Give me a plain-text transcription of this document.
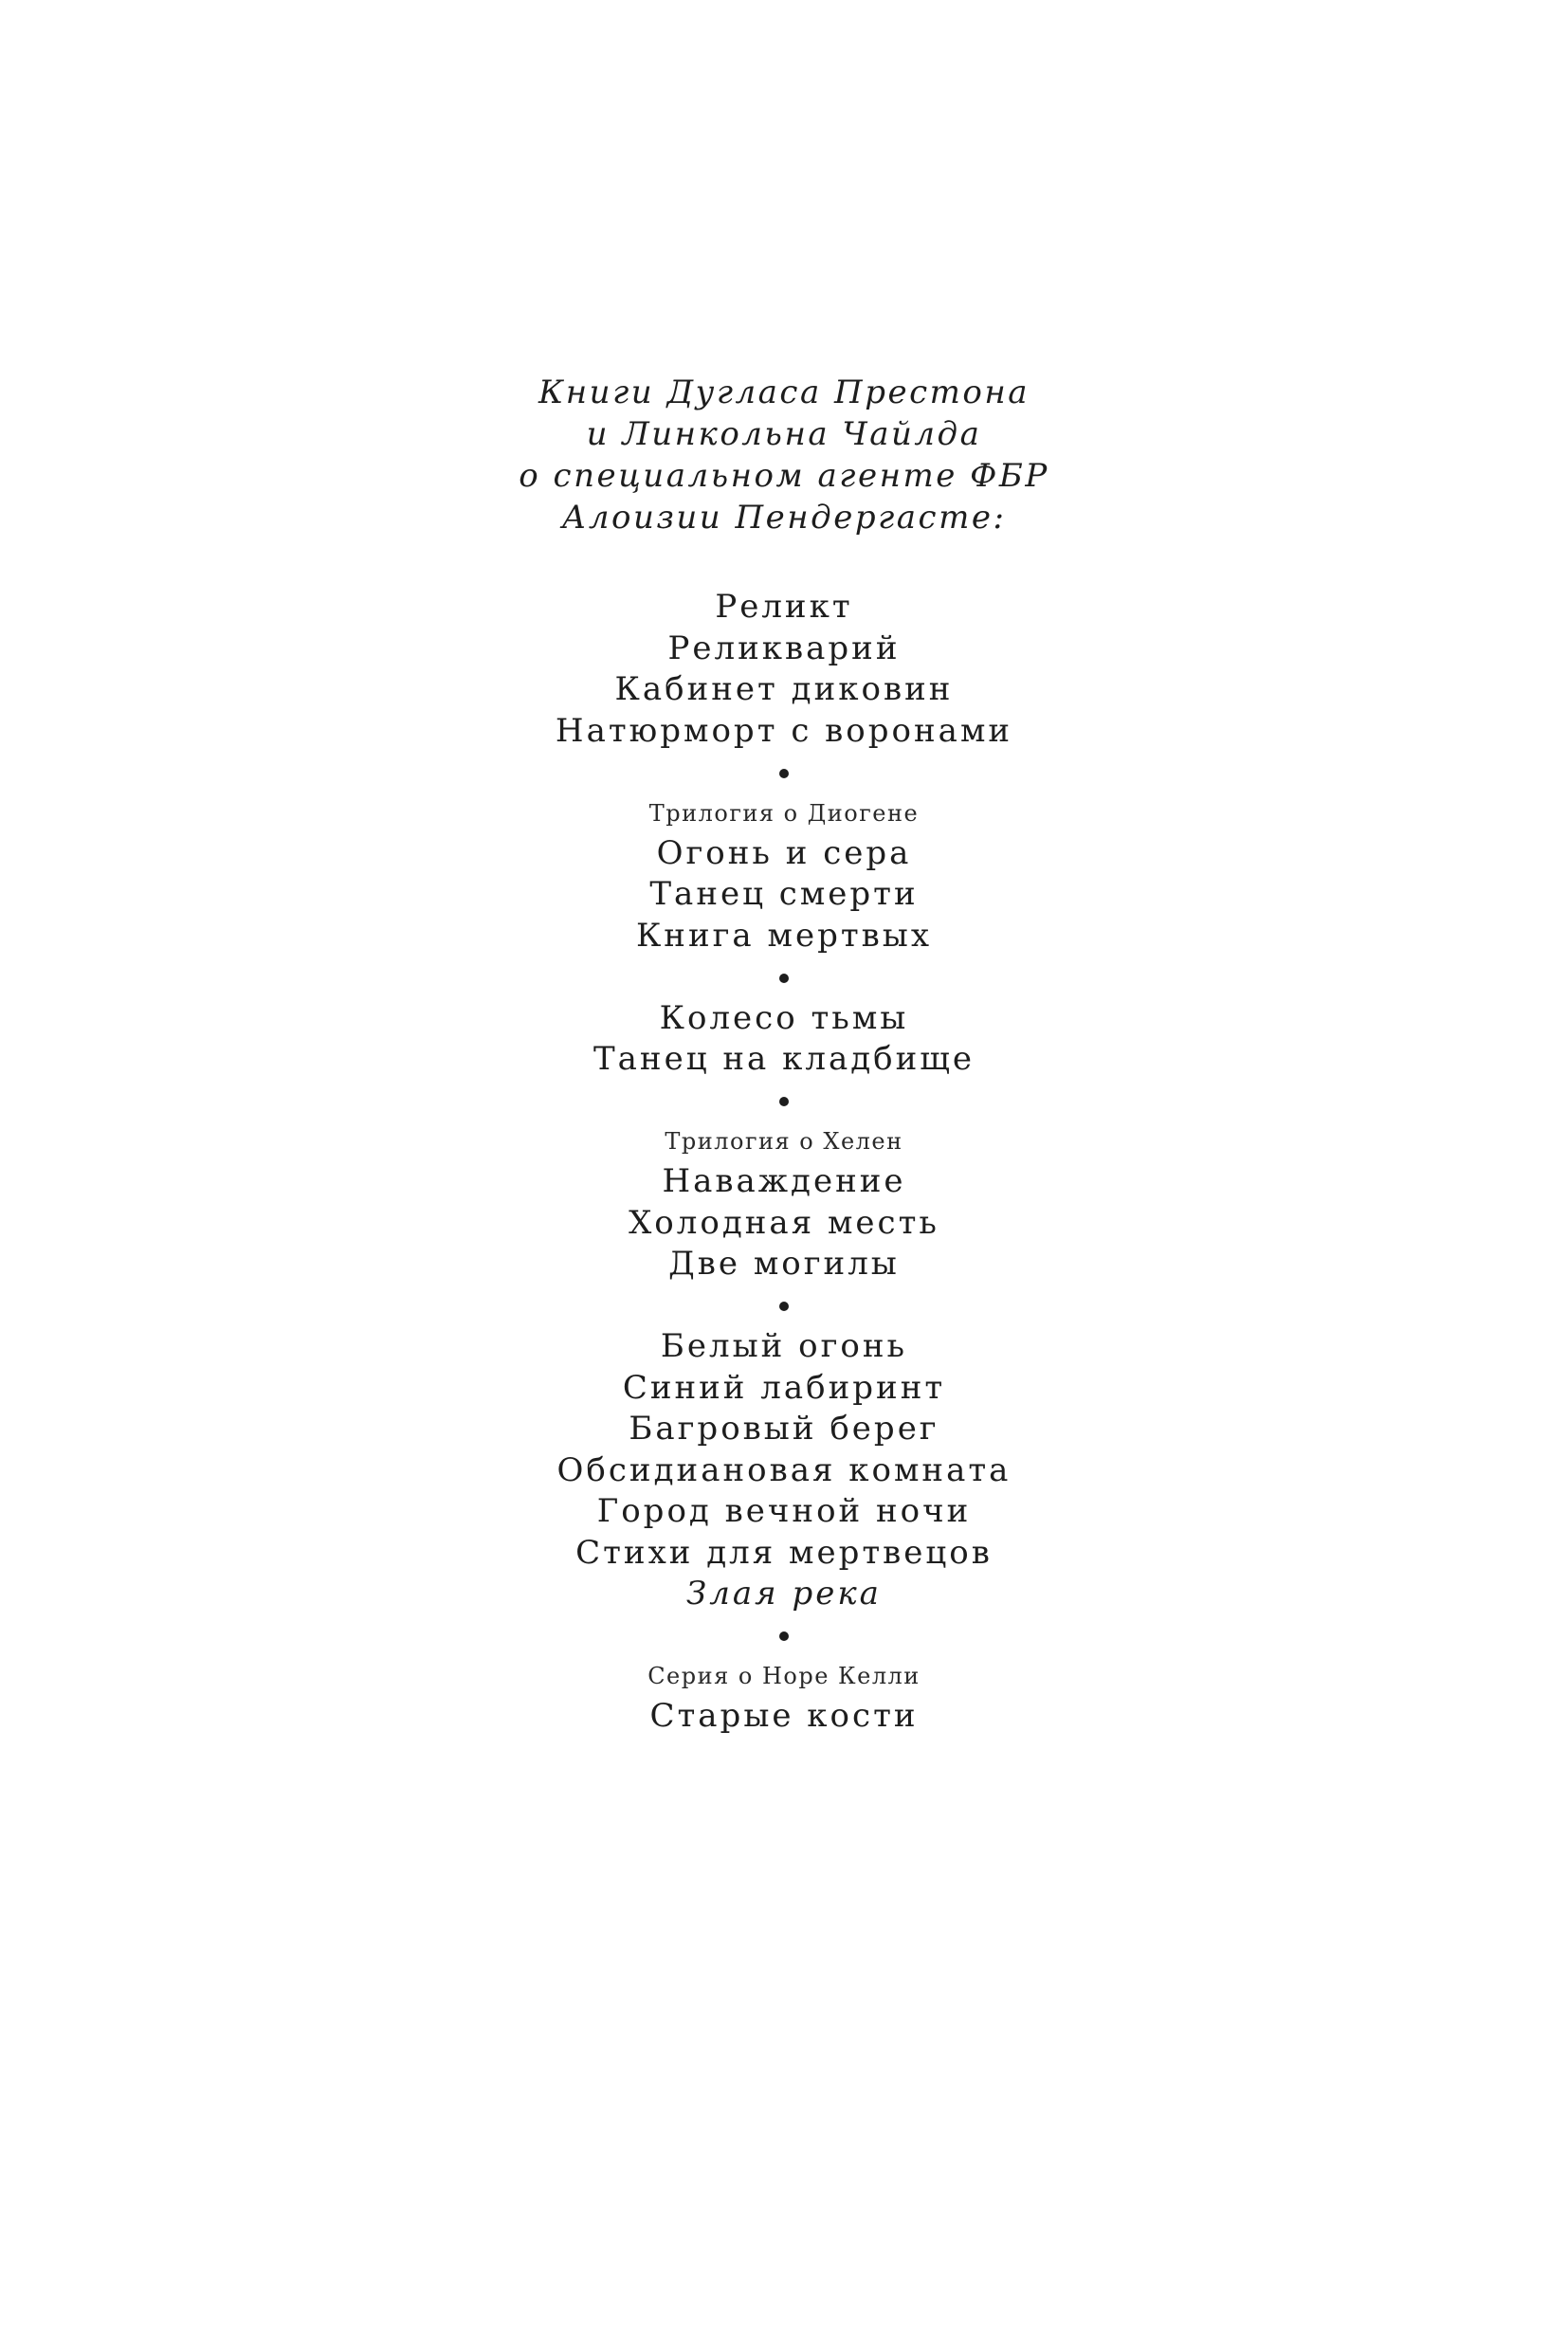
Книги Дугласа Престона
и Линкольна Чайлда
о специальном агенте ФБР
Алоизии Пендергасте:
Реликт
Реликварий
Кабинет диковин
Натюрморт с воронами
Трилогия о Диогене
Огонь и сера
Танец смерти
Книга мертвых
Колесо тьмы
Танец на кладбище
Трилогия о Хелен
Наваждение
Холодная месть
Две могилы
Белый огонь
Синий лабиринт
Багровый берег
Обсидиановая комната
Город вечной ночи
Стихи для мертвецов
Злая река
Серия о Норе Келли
Старые кости
